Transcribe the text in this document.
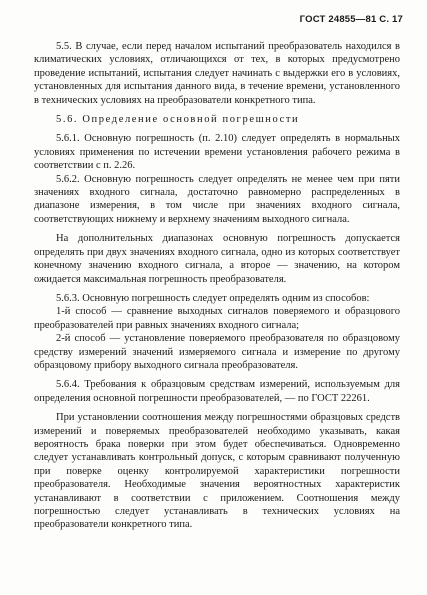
ГОСТ 24855—81 С. 17

5.5. В случае, если перед началом испытаний преобразователь находился в климатических условиях, отличающихся от тех, в которых предусмотрено проведение испытаний, испытания следует начинать с выдержки его в условиях, установленных для испытания данного вида, в течение времени, установленного в технических условиях на преобразователи конкретного типа.

5.6. Определение основной погрешности

5.6.1. Основную погрешность (п. 2.10) следует определять в нормальных условиях применения по истечении времени установления рабочего режима в соответствии с п. 2.26.

5.6.2. Основную погрешность следует определять не менее чем при пяти значениях входного сигнала, достаточно равномерно распределенных в диапазоне измерения, в том числе при значениях входного сигнала, соответствующих нижнему и верхнему значениям выходного сигнала.

На дополнительных диапазонах основную погрешность допускается определять при двух значениях входного сигнала, одно из которых соответствует конечному значению входного сигнала, а второе — значению, на котором ожидается максимальная погрешность преобразователя.

5.6.3. Основную погрешность следует определять одним из способов:

1-й способ — сравнение выходных сигналов поверяемого и образцового преобразователей при равных значениях входного сигнала;

2-й способ — установление поверяемого преобразователя по образцовому средству измерений значений измеряемого сигнала и измерение по другому образцовому прибору выходного сигнала преобразователя.

5.6.4. Требования к образцовым средствам измерений, используемым для определения основной погрешности преобразователей, — по ГОСТ 22261.

При установлении соотношения между погрешностями образцовых средств измерений и поверяемых преобразователей необходимо указывать, какая вероятность брака поверки при этом будет обеспечиваться. Одновременно следует устанавливать контрольный допуск, с которым сравнивают полученную при поверке оценку контролируемой характеристики погрешности преобразователя. Необходимые значения вероятностных характеристик устанавливают в соответствии с приложением. Соотношения между погрешностью следует устанавливать в технических условиях на преобразователи конкретного типа.
